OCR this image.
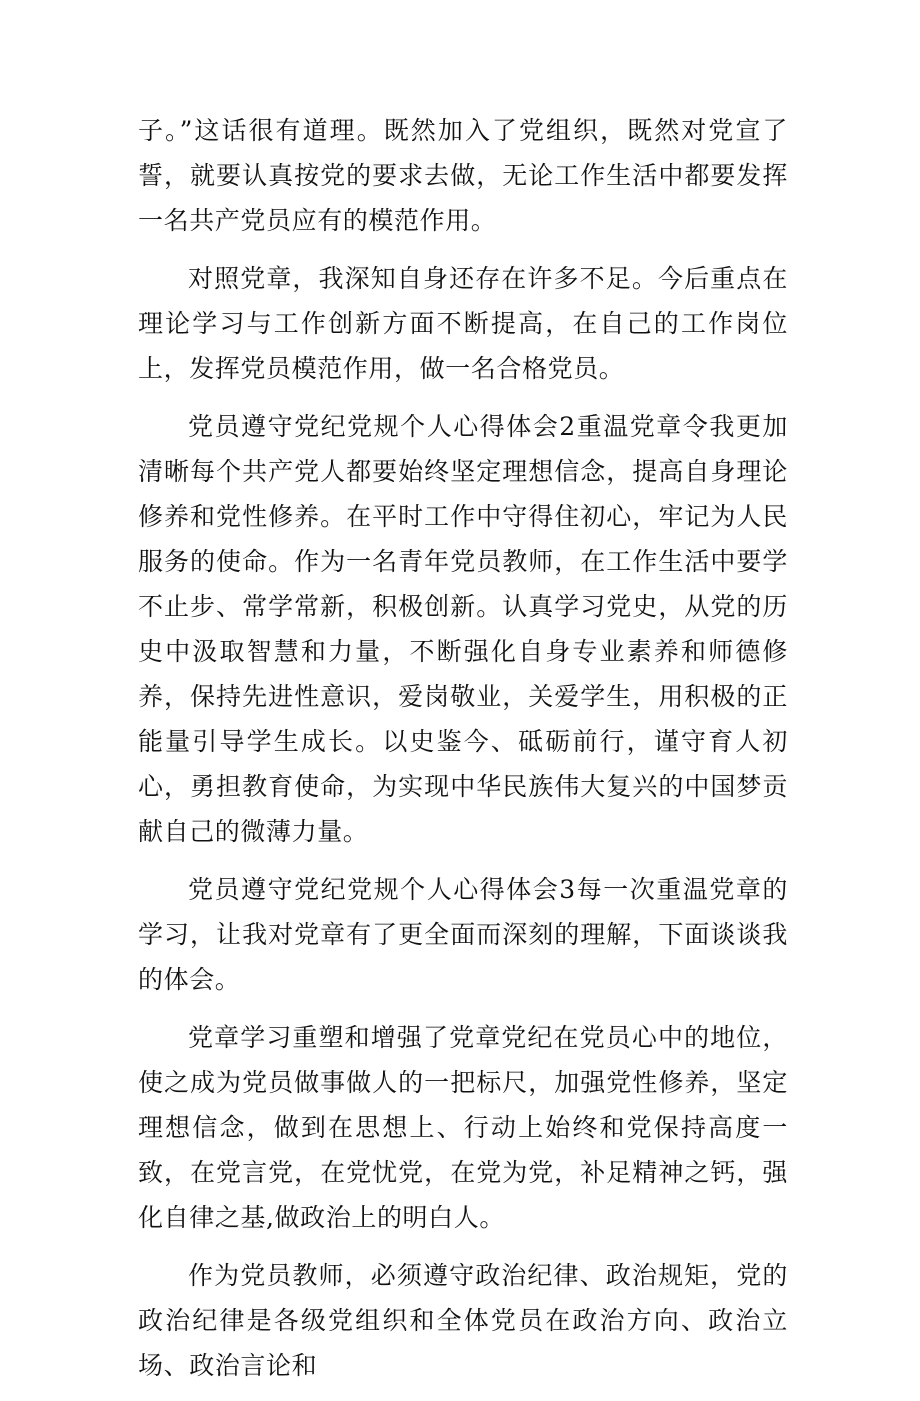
子。”这话很有道理。既然加入了党组织，既然对党宣了誓，就要认真按党的要求去做，无论工作生活中都要发挥一名共产党员应有的模范作用。

对照党章，我深知自身还存在许多不足。今后重点在理论学习与工作创新方面不断提高，在自己的工作岗位上，发挥党员模范作用，做一名合格党员。

党员遵守党纪党规个人心得体会2重温党章令我更加清晰每个共产党人都要始终坚定理想信念，提高自身理论修养和党性修养。在平时工作中守得住初心，牢记为人民服务的使命。作为一名青年党员教师，在工作生活中要学不止步、常学常新，积极创新。认真学习党史，从党的历史中汲取智慧和力量，不断强化自身专业素养和师德修养，保持先进性意识，爱岗敬业，关爱学生，用积极的正能量引导学生成长。以史鉴今、砥砺前行，谨守育人初心，勇担教育使命，为实现中华民族伟大复兴的中国梦贡献自己的微薄力量。

党员遵守党纪党规个人心得体会3每一次重温党章的学习，让我对党章有了更全面而深刻的理解，下面谈谈我的体会。

党章学习重塑和增强了党章党纪在党员心中的地位，使之成为党员做事做人的一把标尺，加强党性修养，坚定理想信念，做到在思想上、行动上始终和党保持高度一致，在党言党，在党忧党，在党为党，补足精神之钙，强化自律之基,做政治上的明白人。

作为党员教师，必须遵守政治纪律、政治规矩，党的政治纪律是各级党组织和全体党员在政治方向、政治立场、政治言论和
